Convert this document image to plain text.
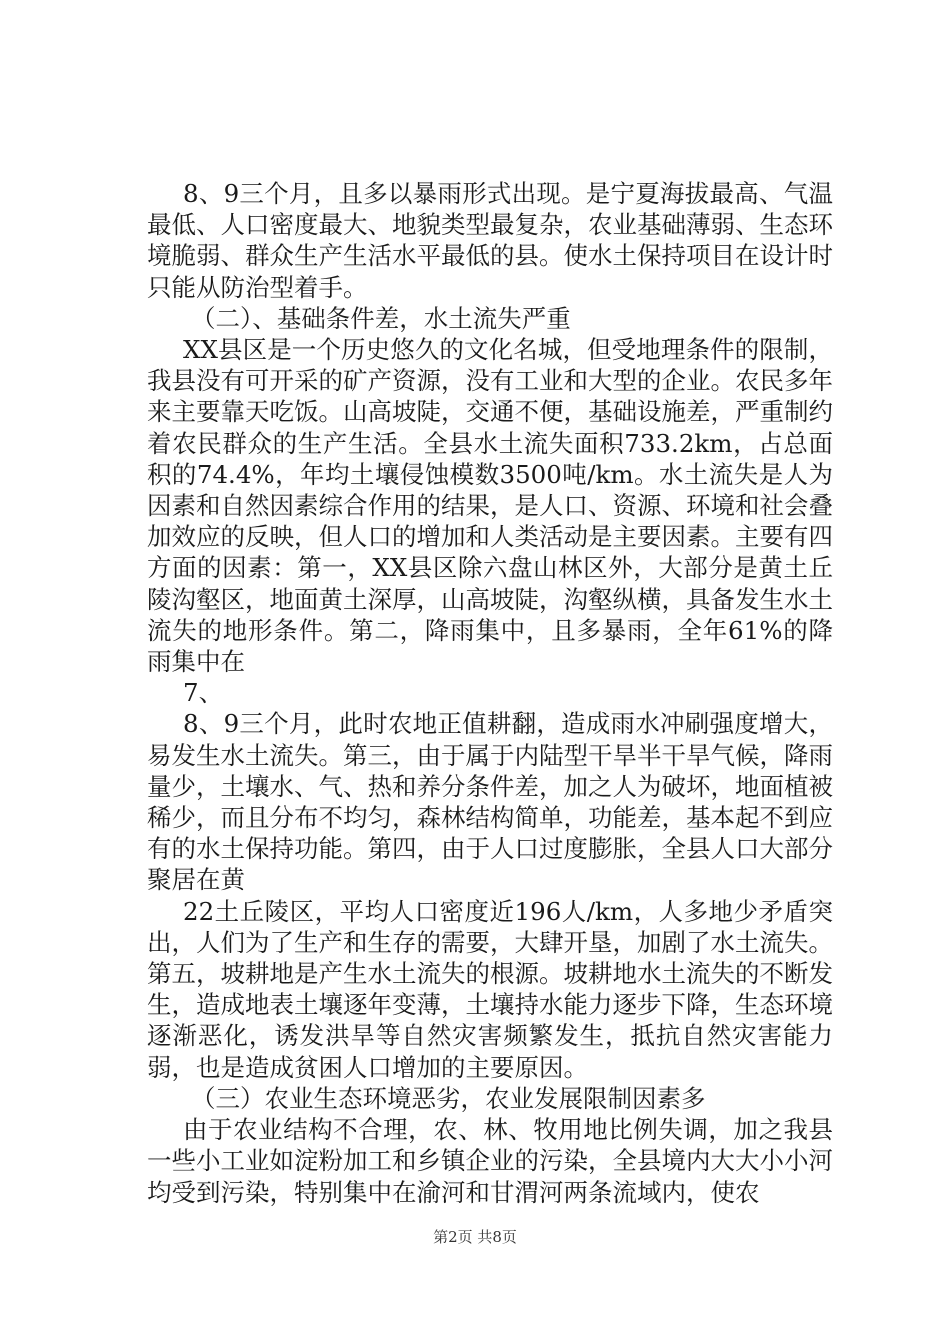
8、9三个月，且多以暴雨形式出现。是宁夏海拔最高、气温最低、人口密度最大、地貌类型最复杂，农业基础薄弱、生态环境脆弱、群众生产生活水平最低的县。使水土保持项目在设计时只能从防治型着手。

（二）、基础条件差，水土流失严重

XX县区是一个历史悠久的文化名城，但受地理条件的限制，我县没有可开采的矿产资源，没有工业和大型的企业。农民多年来主要靠天吃饭。山高坡陡，交通不便，基础设施差，严重制约着农民群众的生产生活。全县水土流失面积733.2km，占总面积的74.4%，年均土壤侵蚀模数3500吨/km。水土流失是人为因素和自然因素综合作用的结果，是人口、资源、环境和社会叠加效应的反映，但人口的增加和人类活动是主要因素。主要有四方面的因素：第一，XX县区除六盘山林区外，大部分是黄土丘陵沟壑区，地面黄土深厚，山高坡陡，沟壑纵横，具备发生水土流失的地形条件。第二，降雨集中，且多暴雨，全年61%的降雨集中在

7、

8、9三个月，此时农地正值耕翻，造成雨水冲刷强度增大，易发生水土流失。第三，由于属于内陆型干旱半干旱气候，降雨量少，土壤水、气、热和养分条件差，加之人为破坏，地面植被稀少，而且分布不均匀，森林结构简单，功能差，基本起不到应有的水土保持功能。第四，由于人口过度膨胀，全县人口大部分聚居在黄

22土丘陵区，平均人口密度近196人/km，人多地少矛盾突出，人们为了生产和生存的需要，大肆开垦，加剧了水土流失。第五，坡耕地是产生水土流失的根源。坡耕地水土流失的不断发生，造成地表土壤逐年变薄，土壤持水能力逐步下降，生态环境逐渐恶化，诱发洪旱等自然灾害频繁发生，抵抗自然灾害能力弱，也是造成贫困人口增加的主要原因。

（三）农业生态环境恶劣，农业发展限制因素多

由于农业结构不合理，农、林、牧用地比例失调，加之我县一些小工业如淀粉加工和乡镇企业的污染，全县境内大大小小河均受到污染，特别集中在渝河和甘渭河两条流域内，使农

第2页 共8页
